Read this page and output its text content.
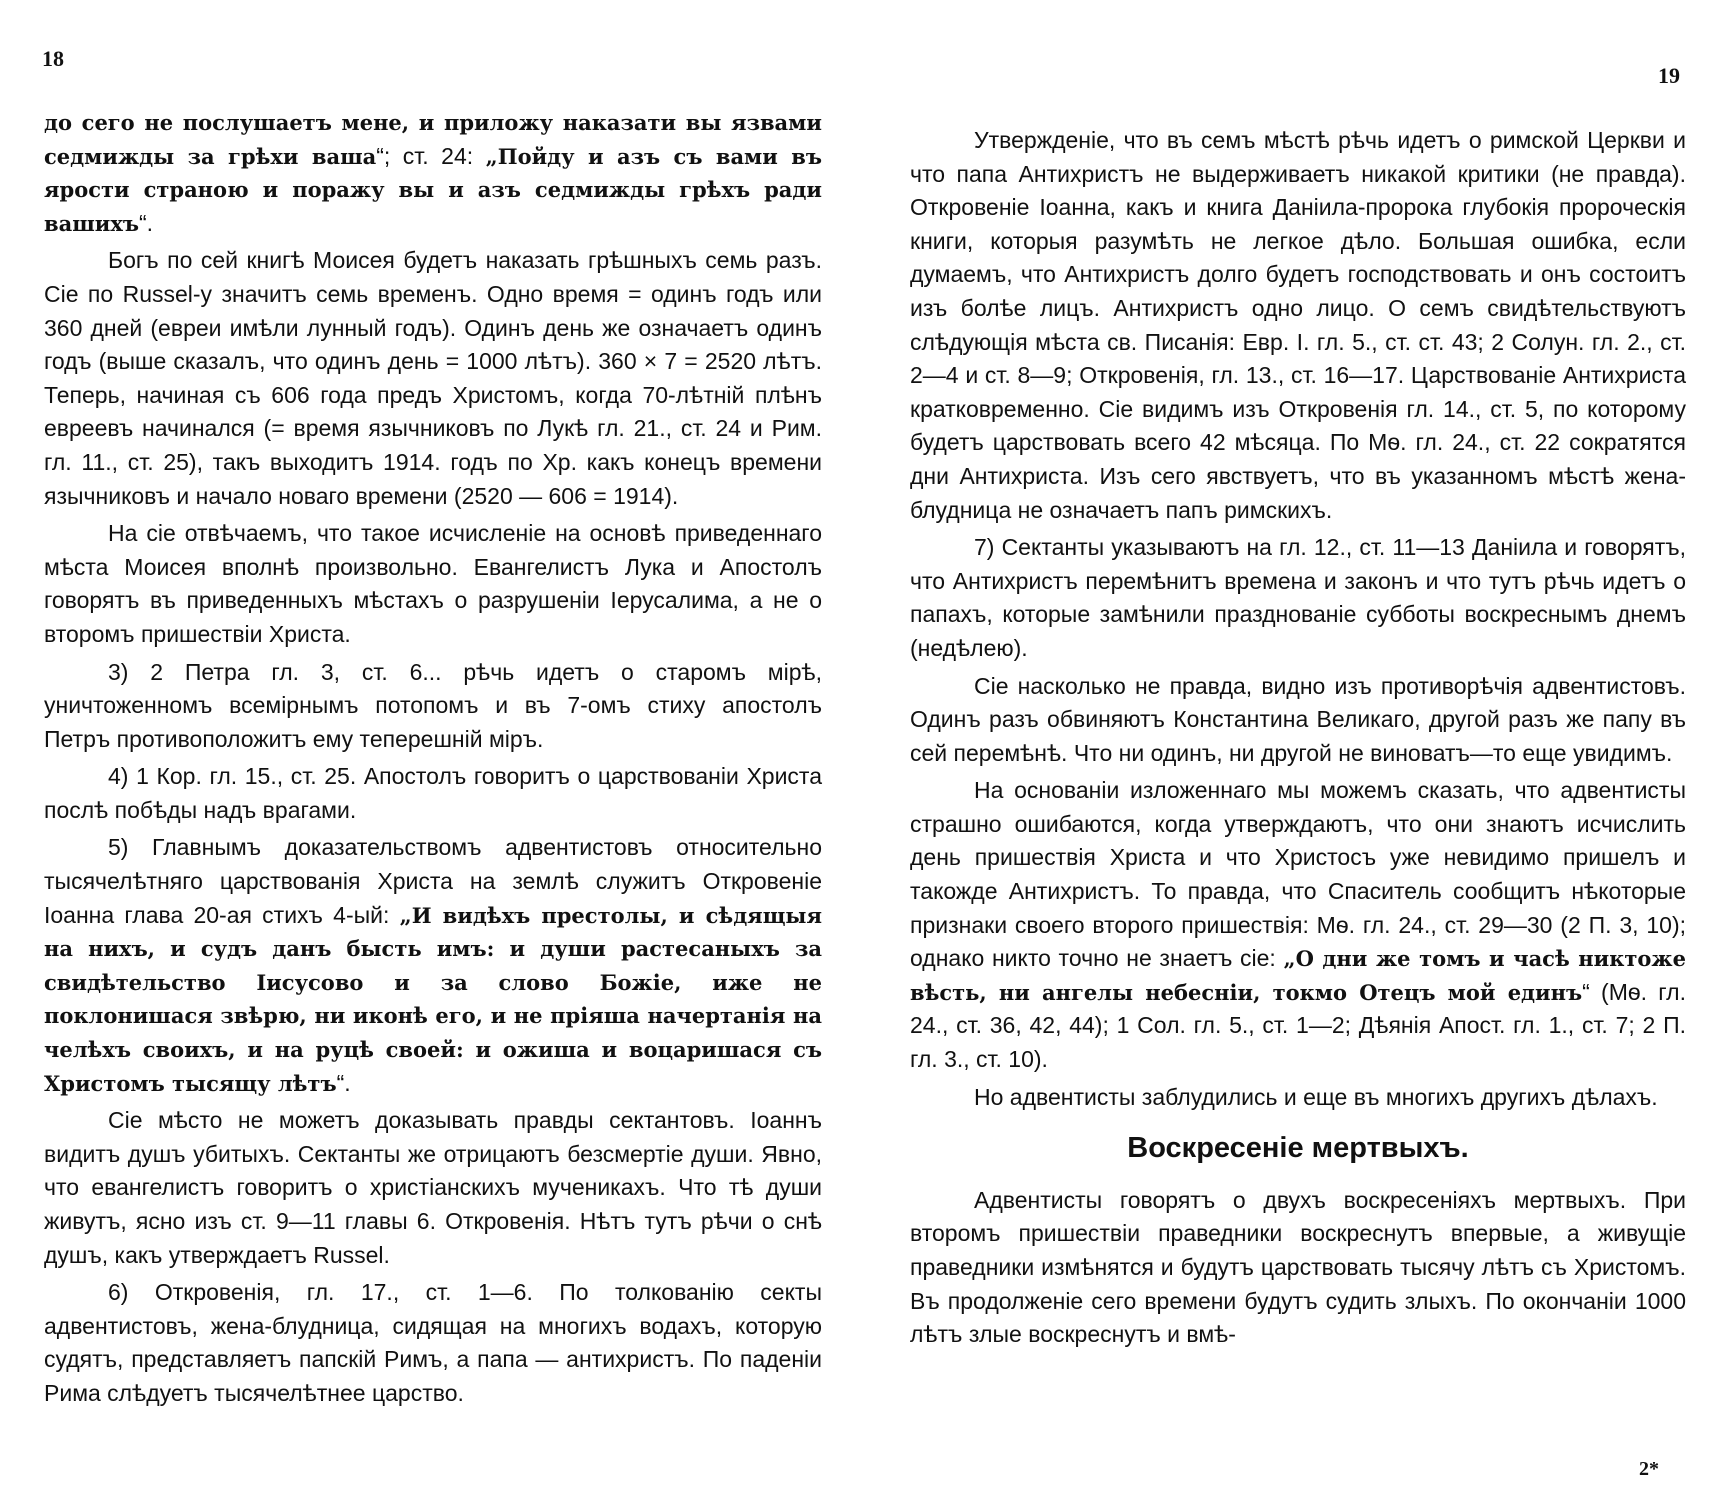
18

до сего не послушаетъ мене, и приложу наказати вы язвами седмижды за грѣхи ваша“; ст. 24: „Пойду и азъ съ вами въ ярости страною и поражу вы и азъ седмижды грѣхъ ради вашихъ“.

Богъ по сей книгѣ Моисея будетъ наказать грѣшныхъ семь разъ. Сіе по Russel-у значитъ семь временъ. Одно время = одинъ годъ или 360 дней (евреи имѣли лунный годъ). Одинъ день же означаетъ одинъ годъ (выше сказалъ, что одинъ день = 1000 лѣтъ). 360 × 7 = 2520 лѣтъ. Теперь, начиная съ 606 года предъ Христомъ, когда 70-лѣтній плѣнъ евреевъ начинался (= время язычниковъ по Лукѣ гл. 21., ст. 24 и Рим. гл. 11., ст. 25), такъ выходитъ 1914. годъ по Хр. какъ конецъ времени язычниковъ и начало новаго времени (2520 — 606 = 1914).

На сіе отвѣчаемъ, что такое исчисленіе на основѣ приведеннаго мѣста Моисея вполнѣ произвольно. Евангелистъ Лука и Апостолъ говорятъ въ приведенныхъ мѣстахъ о разрушеніи Іерусалима, а не о второмъ пришествіи Христа.

3) 2 Петра гл. 3, ст. 6... рѣчь идетъ о старомъ мірѣ, уничтоженномъ всемірнымъ потопомъ и въ 7-омъ стиху апостолъ Петръ противоположитъ ему теперешній міръ.

4) 1 Кор. гл. 15., ст. 25. Апостолъ говоритъ о царствованіи Христа послѣ побѣды надъ врагами.

5) Главнымъ доказательствомъ адвентистовъ относительно тысячелѣтняго царствованія Христа на землѣ служитъ Откровеніе Іоанна глава 20-ая стихъ 4-ый: „И видѣхъ престолы, и сѣдящыя на нихъ, и судъ данъ бысть имъ: и души растесаныхъ за свидѣтельство Іисусово и за слово Божіе, иже не поклонишася звѣрю, ни иконѣ его, и не пріяша начертанія на челѣхъ своихъ, и на руцѣ своей: и ожиша и воцаришася съ Христомъ тысящу лѣтъ“.

Сіе мѣсто не можетъ доказывать правды сектантовъ. Іоаннъ видитъ душъ убитыхъ. Сектанты же отрицаютъ безсмертіе души. Явно, что евангелистъ говоритъ о христіанскихъ мученикахъ. Что тѣ души живутъ, ясно изъ ст. 9—11 главы 6. Откровенія. Нѣтъ тутъ рѣчи о снѣ душъ, какъ утверждаетъ Russel.

6) Откровенія, гл. 17., ст. 1—6. По толкованію секты адвентистовъ, жена-блудница, сидящая на многихъ водахъ, которую судятъ, представляетъ папскій Римъ, а папа — антихристъ. По паденіи Рима слѣдуетъ тысячелѣтнее царство.

19

Утвержденіе, что въ семъ мѣстѣ рѣчь идетъ о римской Церкви и что папа Антихристъ не выдерживаетъ никакой критики (не правда). Откровеніе Іоанна, какъ и книга Даніила-пророка глубокія пророческія книги, которыя разумѣть не легкое дѣло. Большая ошибка, если думаемъ, что Антихристъ долго будетъ господствовать и онъ состоитъ изъ болѣе лицъ. Антихристъ одно лицо. О семъ свидѣтельствуютъ слѣдующія мѣста св. Писанія: Евр. І. гл. 5., ст. ст. 43; 2 Солун. гл. 2., ст. 2—4 и ст. 8—9; Откровенія, гл. 13., ст. 16—17. Царствованіе Антихриста кратковременно. Сіе видимъ изъ Откровенія гл. 14., ст. 5, по которому будетъ царствовать всего 42 мѣсяца. По Мѳ. гл. 24., ст. 22 сократятся дни Антихриста. Изъ сего явствуетъ, что въ указанномъ мѣстѣ жена-блудница не означаетъ папъ римскихъ.

7) Сектанты указываютъ на гл. 12., ст. 11—13 Даніила и говорятъ, что Антихристъ перемѣнитъ времена и законъ и что тутъ рѣчь идетъ о папахъ, которые замѣнили празднованіе субботы воскреснымъ днемъ (недѣлею).

Сіе насколько не правда, видно изъ противорѣчія адвентистовъ. Одинъ разъ обвиняютъ Константина Великаго, другой разъ же папу въ сей перемѣнѣ. Что ни одинъ, ни другой не виноватъ—то еще увидимъ.

На основаніи изложеннаго мы можемъ сказать, что адвентисты страшно ошибаются, когда утверждаютъ, что они знаютъ исчислить день пришествія Христа и что Христосъ уже невидимо пришелъ и такожде Антихристъ. То правда, что Спаситель сообщитъ нѣкоторые признаки своего второго пришествія: Мѳ. гл. 24., ст. 29—30 (2 П. 3, 10); однако никто точно не знаетъ сіе: „О дни же томъ и часѣ никтоже вѣсть, ни ангелы небесніи, токмо Отецъ мой единъ“ (Мѳ. гл. 24., ст. 36, 42, 44); 1 Сол. гл. 5., ст. 1—2; Дѣянія Апост. гл. 1., ст. 7; 2 П. гл. 3., ст. 10).

Но адвентисты заблудились и еще въ многихъ другихъ дѣлахъ.

Воскресеніе мертвыхъ.

Адвентисты говорятъ о двухъ воскресеніяхъ мертвыхъ. При второмъ пришествіи праведники воскреснутъ впервые, а живущіе праведники измѣнятся и будутъ царствовать тысячу лѣтъ съ Христомъ. Въ продолженіе сего времени будутъ судить злыхъ. По окончаніи 1000 лѣтъ злые воскреснутъ и вмѣ-

2*
